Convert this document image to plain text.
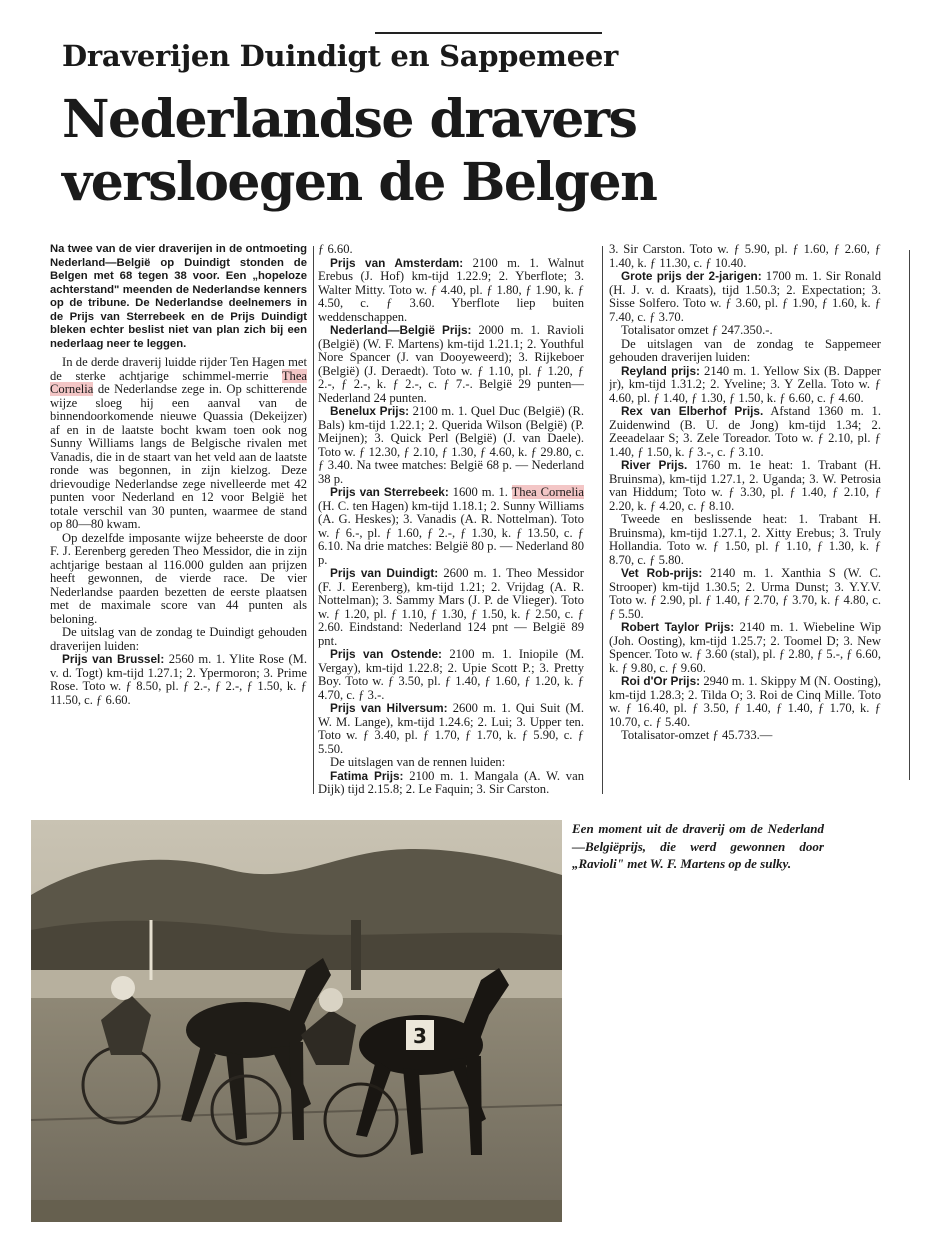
Draverijen Duindigt en Sappemeer
Nederlandse dravers
versloegen de Belgen

Na twee van de vier draverijen in de ontmoeting Nederland—België op Duindigt stonden de Belgen met 68 tegen 38 voor. Een „hopeloze achterstand" meenden de Nederlandse kenners op de tribune. De Nederlandse deelnemers in de Prijs van Sterrebeek en de Prijs Duindigt bleken echter beslist niet van plan zich bij een nederlaag neer te leggen.

In de derde draverij luidde rijder Ten Hagen met de sterke achtjarige schimmel-merrie Thea Cornelia de Nederlandse zege in. Op schitterende wijze sloeg hij een aanval van de binnendoorkomende nieuwe Quassia (Dekeijzer) af en in de laatste bocht kwam toen ook nog Sunny Williams langs de Belgische rivalen met Vanadis, die in de staart van het veld aan de laatste ronde was begonnen, in zijn kielzog. Deze drievoudige Nederlandse zege nivelleerde met 42 punten voor Nederland en 12 voor België het totale verschil van 30 punten, waarmee de stand op 80—80 kwam.

Op dezelfde imposante wijze beheerste de door F. J. Eerenberg gereden Theo Messidor, die in zijn achtjarige bestaan al 116.000 gulden aan prijzen heeft gewonnen, de vierde race. De vier Nederlandse paarden bezetten de eerste plaatsen met de maximale score van 44 punten als beloning.

De uitslag van de zondag te Duindigt gehouden draverijen luiden:

Prijs van Brussel: 2560 m. 1. Ylite Rose (M. v. d. Togt) km-tijd 1.27.1; 2. Ypermoron; 3. Prime Rose. Toto w. ƒ 8.50, pl. ƒ 2.-, ƒ 2.-, ƒ 1.50, k. ƒ 11.50, c. ƒ 6.60.

ƒ 6.60.

Prijs van Amsterdam: 2100 m. 1. Walnut Erebus (J. Hof) km-tijd 1.22.9; 2. Yberflote; 3. Walter Mitty. Toto w. ƒ 4.40, pl. ƒ 1.80, ƒ 1.90, k. ƒ 4.50, c. ƒ 3.60. Yberflote liep buiten weddenschappen.

Nederland—België Prijs: 2000 m. 1. Ravioli (België) (W. F. Martens) km-tijd 1.21.1; 2. Youthful Nore Spancer (J. van Dooyeweerd); 3. Rijkeboer (België) (J. Deraedt). Toto w. ƒ 1.10, pl. ƒ 1.20, ƒ 2.-, ƒ 2.-, k. ƒ 2.-, c. ƒ 7.-. België 29 punten—Nederland 24 punten.

Benelux Prijs: 2100 m. 1. Quel Duc (België) (R. Bals) km-tijd 1.22.1; 2. Querida Wilson (België) (P. Meijnen); 3. Quick Perl (België) (J. van Daele). Toto w. ƒ 12.30, ƒ 2.10, ƒ 1.30, ƒ 4.60, k. ƒ 29.80, c. ƒ 3.40. Na twee matches: België 68 p. — Nederland 38 p.

Prijs van Sterrebeek: 1600 m. 1. Thea Cornelia (H. C. ten Hagen) km-tijd 1.18.1; 2. Sunny Williams (A. G. Heskes); 3. Vanadis (A. R. Nottelman). Toto w. ƒ 6.-, pl. ƒ 1.60, ƒ 2.-, ƒ 1.30, k. ƒ 13.50, c. ƒ 6.10. Na drie matches: België 80 p. — Nederland 80 p.

Prijs van Duindigt: 2600 m. 1. Theo Messidor (F. J. Eerenberg), km-tijd 1.21; 2. Vrijdag (A. R. Nottelman); 3. Sammy Mars (J. P. de Vlieger). Toto w. ƒ 1.20, pl. ƒ 1.10, ƒ 1.30, ƒ 1.50, k. ƒ 2.50, c. ƒ 2.60. Eindstand: Nederland 124 pnt — België 89 pnt.

Prijs van Ostende: 2100 m. 1. Iniopile (M. Vergay), km-tijd 1.22.8; 2. Upie Scott P.; 3. Pretty Boy. Toto w. ƒ 3.50, pl. ƒ 1.40, ƒ 1.60, ƒ 1.20, k. ƒ 4.70, c. ƒ 3.-.

Prijs van Hilversum: 2600 m. 1. Qui Suit (M. W. M. Lange), km-tijd 1.24.6; 2. Lui; 3. Upper ten. Toto w. ƒ 3.40, pl. ƒ 1.70, ƒ 1.70, k. ƒ 5.90, c. ƒ 5.50.

De uitslagen van de rennen luiden:

Fatima Prijs: 2100 m. 1. Mangala (A. W. van Dijk) tijd 2.15.8; 2. Le Faquin; 3. Sir Carston.

3. Sir Carston. Toto w. ƒ 5.90, pl. ƒ 1.60, ƒ 2.60, ƒ 1.40, k. ƒ 11.30, c. ƒ 10.40.

Grote prijs der 2-jarigen: 1700 m. 1. Sir Ronald (H. J. v. d. Kraats), tijd 1.50.3; 2. Expectation; 3. Sisse Solfero. Toto w. ƒ 3.60, pl. ƒ 1.90, ƒ 1.60, k. ƒ 7.40, c. ƒ 3.70.

Totalisator omzet ƒ 247.350.-.

De uitslagen van de zondag te Sappemeer gehouden draverijen luiden:

Reyland prijs: 2140 m. 1. Yellow Six (B. Dapper jr), km-tijd 1.31.2; 2. Yveline; 3. Y Zella. Toto w. ƒ 4.60, pl. ƒ 1.40, ƒ 1.30, ƒ 1.50, k. ƒ 6.60, c. ƒ 4.60.

Rex van Elberhof Prijs. Afstand 1360 m. 1. Zuidenwind (B. U. de Jong) km-tijd 1.34; 2. Zeeadelaar S; 3. Zele Toreador. Toto w. ƒ 2.10, pl. ƒ 1.40, ƒ 1.50, k. ƒ 3.-, c. ƒ 3.10.

River Prijs. 1760 m. 1e heat: 1. Trabant (H. Bruinsma), km-tijd 1.27.1, 2. Uganda; 3. W. Petrosia van Hiddum; Toto w. ƒ 3.30, pl. ƒ 1.40, ƒ 2.10, ƒ 2.20, k. ƒ 4.20, c. ƒ 8.10.

Tweede en beslissende heat: 1. Trabant H. Bruinsma), km-tijd 1.27.1, 2. Xitty Erebus; 3. Truly Hollandia. Toto w. ƒ 1.50, pl. ƒ 1.10, ƒ 1.30, k. ƒ 8.70, c. ƒ 5.80.

Vet Rob-prijs: 2140 m. 1. Xanthia S (W. C. Strooper) km-tijd 1.30.5; 2. Urma Dunst; 3. Y.Y.V. Toto w. ƒ 2.90, pl. ƒ 1.40, ƒ 2.70, ƒ 3.70, k. ƒ 4.80, c. ƒ 5.50.

Robert Taylor Prijs: 2140 m. 1. Wiebeline Wip (Joh. Oosting), km-tijd 1.25.7; 2. Toomel D; 3. New Spencer. Toto w. ƒ 3.60 (stal), pl. ƒ 2.80, ƒ 5.-, ƒ 6.60, k. ƒ 9.80, c. ƒ 9.60.

Roi d'Or Prijs: 2940 m. 1. Skippy M (N. Oosting), km-tijd 1.28.3; 2. Tilda O; 3. Roi de Cinq Mille. Toto w. ƒ 16.40, pl. ƒ 3.50, ƒ 1.40, ƒ 1.40, ƒ 1.70, k. ƒ 10.70, c. ƒ 5.40.

Totalisator-omzet ƒ 45.733.—

3
Een moment uit de draverij om de Nederland—Belgiëprijs, die werd gewonnen door „Ravioli" met W. F. Martens op de sulky.
